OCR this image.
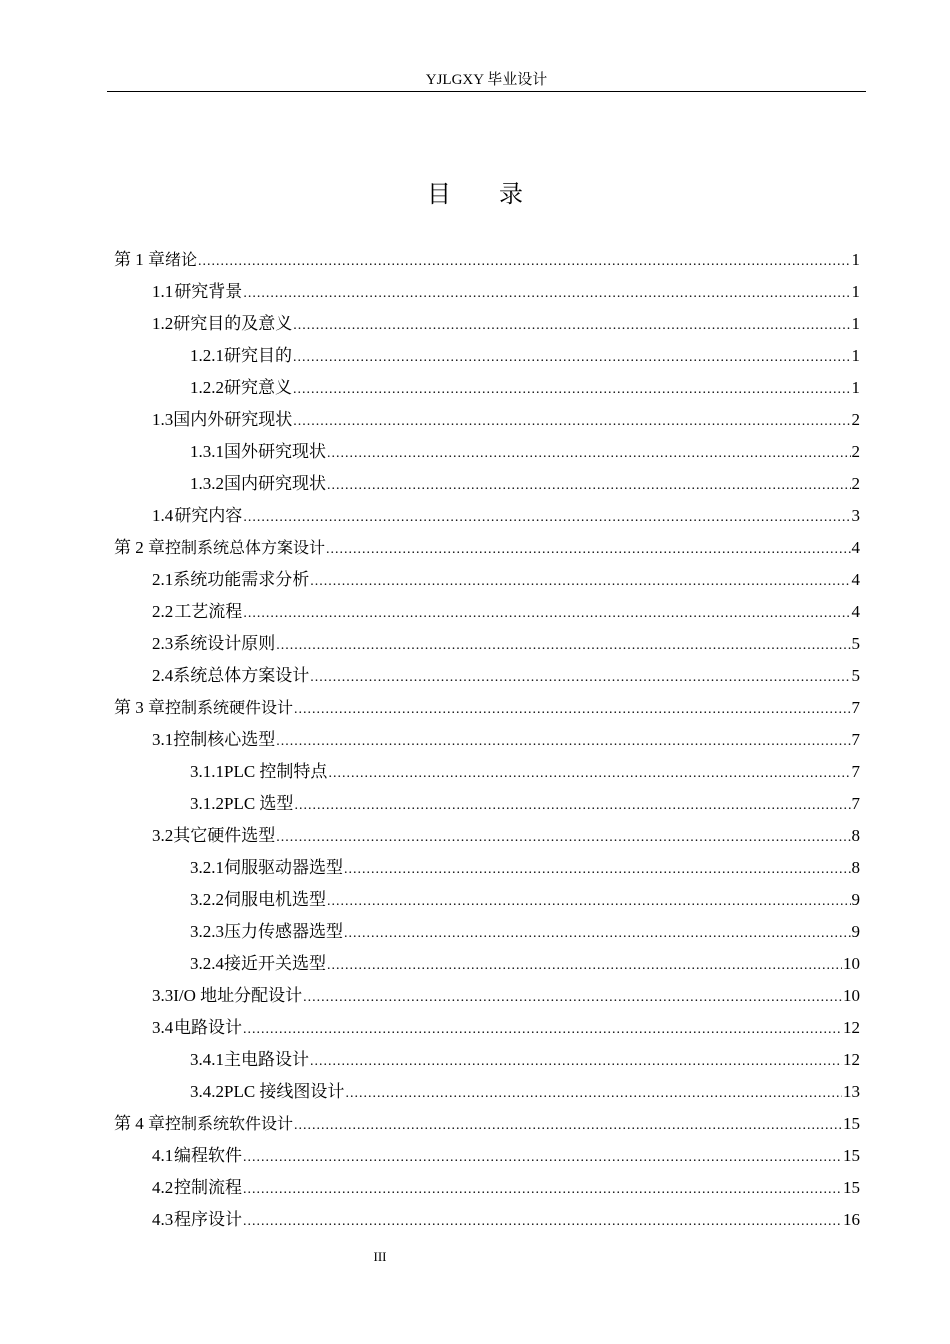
YJLGXY 毕业设计
目录
第 1 章 绪论 .....	1
1.1 研究背景 .....	1
1.2 研究目的及意义 .....	1
1.2.1 研究目的 .....	1
1.2.2 研究意义 .....	1
1.3 国内外研究现状 .....	2
1.3.1 国外研究现状 .....	2
1.3.2 国内研究现状 .....	2
1.4 研究内容 .....	3
第 2 章 控制系统总体方案设计 .....	4
2.1 系统功能需求分析 .....	4
2.2 工艺流程 .....	4
2.3 系统设计原则 .....	5
2.4 系统总体方案设计 .....	5
第 3 章 控制系统硬件设计 .....	7
3.1 控制核心选型 .....	7
3.1.1 PLC 控制特点 .....	7
3.1.2 PLC 选型 .....	7
3.2 其它硬件选型 .....	8
3.2.1 伺服驱动器选型 .....	8
3.2.2 伺服电机选型 .....	9
3.2.3 压力传感器选型 .....	9
3.2.4 接近开关选型 .....	10
3.3 I/O 地址分配设计 .....	10
3.4 电路设计 .....	12
3.4.1 主电路设计 .....	12
3.4.2 PLC 接线图设计 .....	13
第 4 章 控制系统软件设计 .....	15
4.1 编程软件 .....	15
4.2 控制流程 .....	15
4.3 程序设计 .....	16
III
